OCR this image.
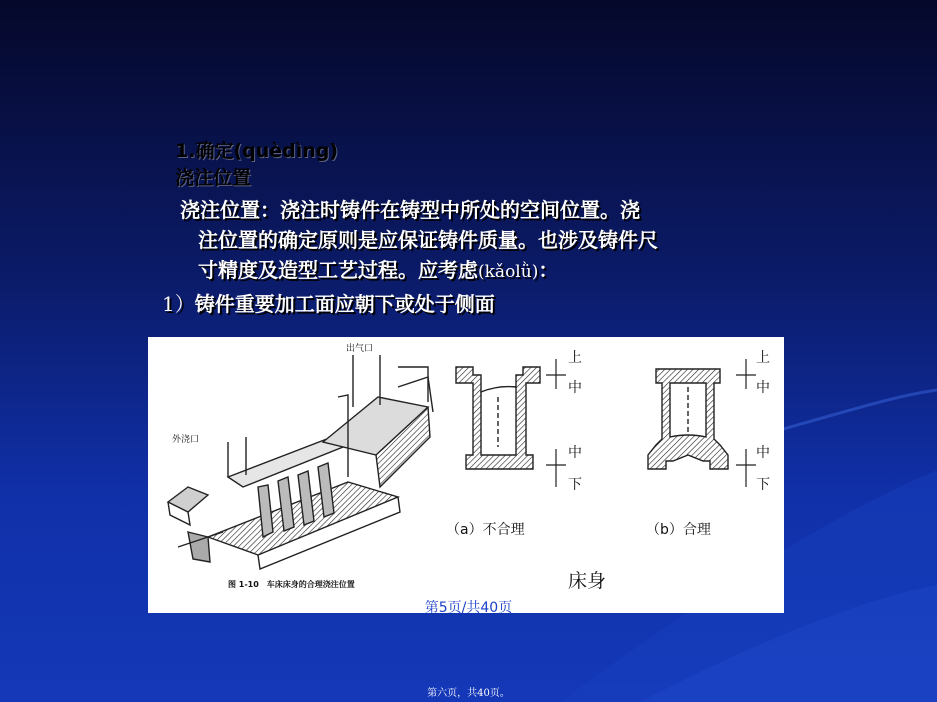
1.确定(quèdìng)
浇注位置
浇注位置：浇注时铸件在铸型中所处的空间位置。浇
注位置的确定原则是应保证铸件质量。也涉及铸件尺
寸精度及造型工艺过程。应考虑(kǎolǜ)：
1）铸件重要加工面应朝下或处于侧面
出气口
外浇口
图 1-10　车床床身的合理浇注位置
上
中
中
下
（a）不合理
上
中
中
下
（b）合理
床身
第5页/共40页
第六页，共40页。
